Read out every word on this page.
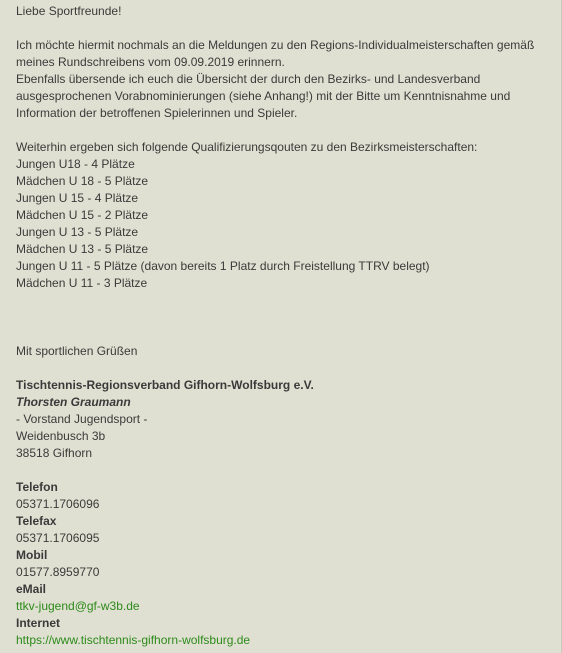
Liebe Sportfreunde!
Ich möchte hiermit nochmals an die Meldungen zu den Regions-Individualmeisterschaften gemäß
meines Rundschreibens vom 09.09.2019 erinnern.
Ebenfalls übersende ich euch die Übersicht der durch den Bezirks- und Landesverband
ausgesprochenen Vorabnominierungen (siehe Anhang!) mit der Bitte um Kenntnisnahme und
Information der betroffenen Spielerinnen und Spieler.
Weiterhin ergeben sich folgende Qualifizierungsqouten zu den Bezirksmeisterschaften:
Jungen U18 - 4 Plätze
Mädchen U 18 - 5 Plätze
Jungen U 15 - 4 Plätze
Mädchen U 15 - 2 Plätze
Jungen U 13 - 5 Plätze
Mädchen U 13 - 5 Plätze
Jungen U 11 - 5 Plätze (davon bereits 1 Platz durch Freistellung TTRV belegt)
Mädchen U 11 - 3 Plätze
Mit sportlichen Grüßen
Tischtennis-Regionsverband Gifhorn-Wolfsburg e.V.
Thorsten Graumann
- Vorstand Jugendsport -
Weidenbusch 3b
38518 Gifhorn
Telefon
05371.1706096
Telefax
05371.1706095
Mobil
01577.8959770
eMail
ttkv-jugend@gf-w3b.de
Internet
https://www.tischtennis-gifhorn-wolfsburg.de
